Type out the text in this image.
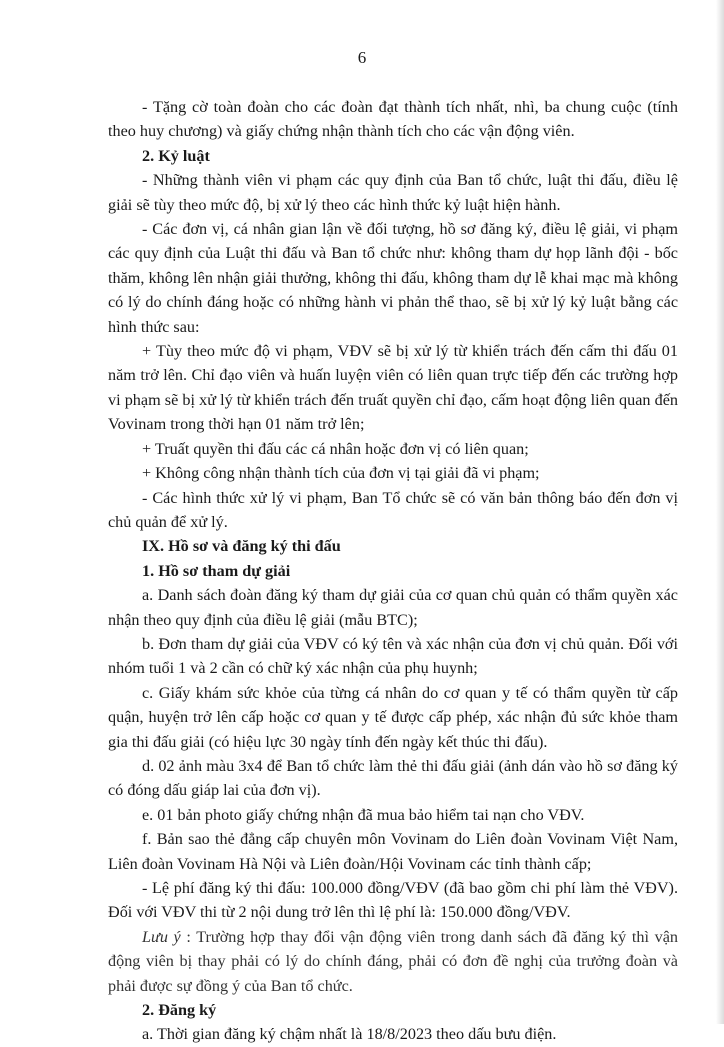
6

- Tặng cờ toàn đoàn cho các đoàn đạt thành tích nhất, nhì, ba chung cuộc (tính theo huy chương) và giấy chứng nhận thành tích cho các vận động viên.

2. Kỷ luật

- Những thành viên vi phạm các quy định của Ban tổ chức, luật thi đấu, điều lệ giải sẽ tùy theo mức độ, bị xử lý theo các hình thức kỷ luật hiện hành.

- Các đơn vị, cá nhân gian lận về đối tượng, hồ sơ đăng ký, điều lệ giải, vi phạm các quy định của Luật thi đấu và Ban tổ chức như: không tham dự họp lãnh đội - bốc thăm, không lên nhận giải thưởng, không thi đấu, không tham dự lễ khai mạc mà không có lý do chính đáng hoặc có những hành vi phản thể thao, sẽ bị xử lý kỷ luật bằng các hình thức sau:

+ Tùy theo mức độ vi phạm, VĐV sẽ bị xử lý từ khiển trách đến cấm thi đấu 01 năm trở lên. Chỉ đạo viên và huấn luyện viên có liên quan trực tiếp đến các trường hợp vi phạm sẽ bị xử lý từ khiển trách đến truất quyền chỉ đạo, cấm hoạt động liên quan đến Vovinam trong thời hạn 01 năm trở lên;

+ Truất quyền thi đấu các cá nhân hoặc đơn vị có liên quan;

+ Không công nhận thành tích của đơn vị tại giải đã vi phạm;

- Các hình thức xử lý vi phạm, Ban Tổ chức sẽ có văn bản thông báo đến đơn vị chủ quản để xử lý.

IX. Hồ sơ và đăng ký thi đấu

1. Hồ sơ tham dự giải

a. Danh sách đoàn đăng ký tham dự giải của cơ quan chủ quản có thẩm quyền xác nhận theo quy định của điều lệ giải (mẫu BTC);

b. Đơn tham dự giải của VĐV có ký tên và xác nhận của đơn vị chủ quản. Đối với nhóm tuổi 1 và 2 cần có chữ ký xác nhận của phụ huynh;

c. Giấy khám sức khỏe của từng cá nhân do cơ quan y tế có thẩm quyền từ cấp quận, huyện trở lên cấp hoặc cơ quan y tế được cấp phép, xác nhận đủ sức khỏe tham gia thi đấu giải (có hiệu lực 30 ngày tính đến ngày kết thúc thi đấu).

d. 02 ảnh màu 3x4 để Ban tổ chức làm thẻ thi đấu giải (ảnh dán vào hồ sơ đăng ký có đóng dấu giáp lai của đơn vị).

e. 01 bản photo giấy chứng nhận đã mua bảo hiểm tai nạn cho VĐV.

f. Bản sao thẻ đẳng cấp chuyên môn Vovinam do Liên đoàn Vovinam Việt Nam, Liên đoàn Vovinam Hà Nội và Liên đoàn/Hội Vovinam các tỉnh thành cấp;

- Lệ phí đăng ký thi đấu: 100.000 đồng/VĐV (đã bao gồm chi phí làm thẻ VĐV). Đối với VĐV thi từ 2 nội dung trở lên thì lệ phí là: 150.000 đồng/VĐV.

Lưu ý : Trường hợp thay đổi vận động viên trong danh sách đã đăng ký thì vận động viên bị thay phải có lý do chính đáng, phải có đơn đề nghị của trưởng đoàn và phải được sự đồng ý của Ban tổ chức.

2. Đăng ký

a. Thời gian đăng ký chậm nhất là 18/8/2023 theo dấu bưu điện.
